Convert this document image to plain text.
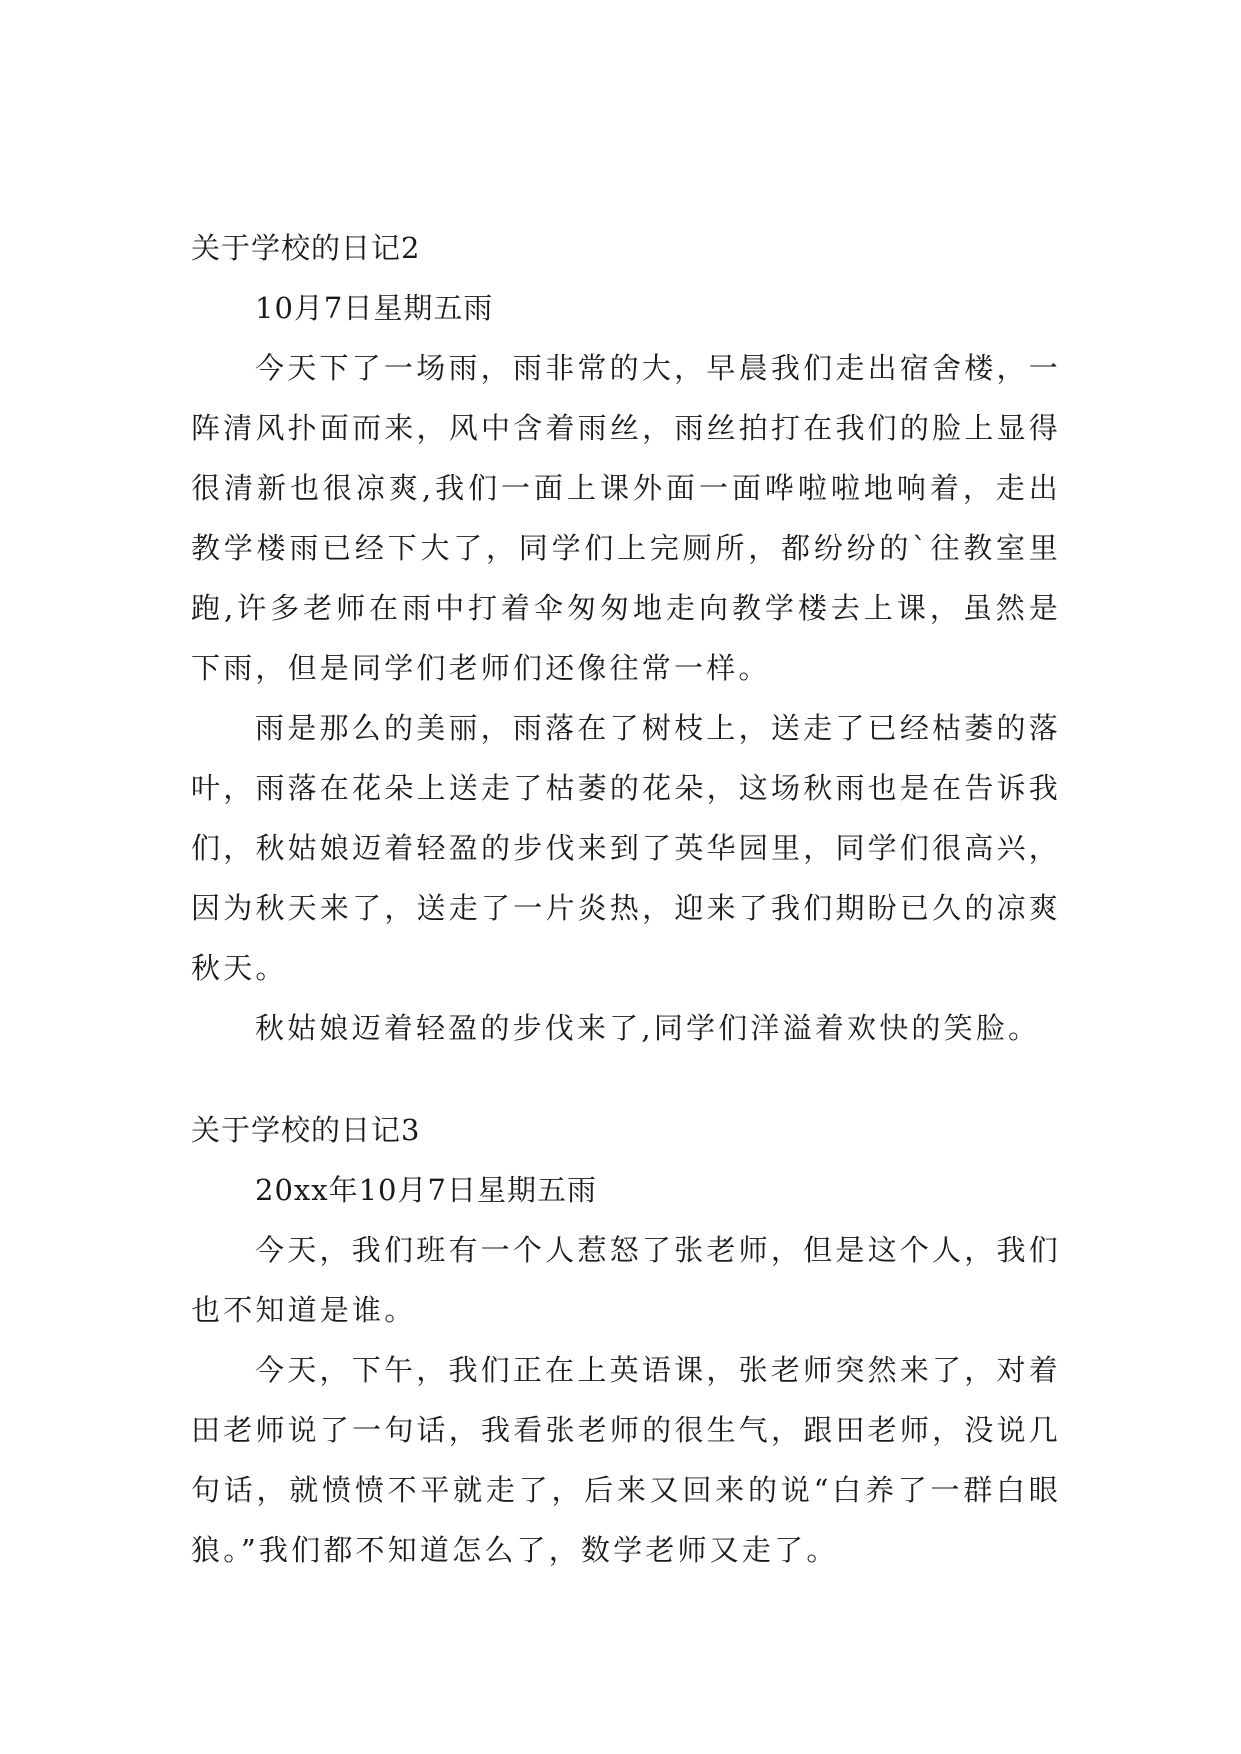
关于学校的日记2

10月7日星期五雨

今天下了一场雨，雨非常的大，早晨我们走出宿舍楼，一阵清风扑面而来，风中含着雨丝，雨丝拍打在我们的脸上显得很清新也很凉爽,我们一面上课外面一面哗啦啦地响着，走出教学楼雨已经下大了，同学们上完厕所，都纷纷的`往教室里跑,许多老师在雨中打着伞匆匆地走向教学楼去上课，虽然是下雨，但是同学们老师们还像往常一样。

雨是那么的美丽，雨落在了树枝上，送走了已经枯萎的落叶，雨落在花朵上送走了枯萎的花朵，这场秋雨也是在告诉我们，秋姑娘迈着轻盈的步伐来到了英华园里，同学们很高兴，因为秋天来了，送走了一片炎热，迎来了我们期盼已久的凉爽秋天。

秋姑娘迈着轻盈的步伐来了,同学们洋溢着欢快的笑脸。

关于学校的日记3

20xx年10月7日星期五雨

今天，我们班有一个人惹怒了张老师，但是这个人，我们也不知道是谁。

今天，下午，我们正在上英语课，张老师突然来了，对着田老师说了一句话，我看张老师的很生气，跟田老师，没说几句话，就愤愤不平就走了，后来又回来的说“白养了一群白眼狼。”我们都不知道怎么了，数学老师又走了。
